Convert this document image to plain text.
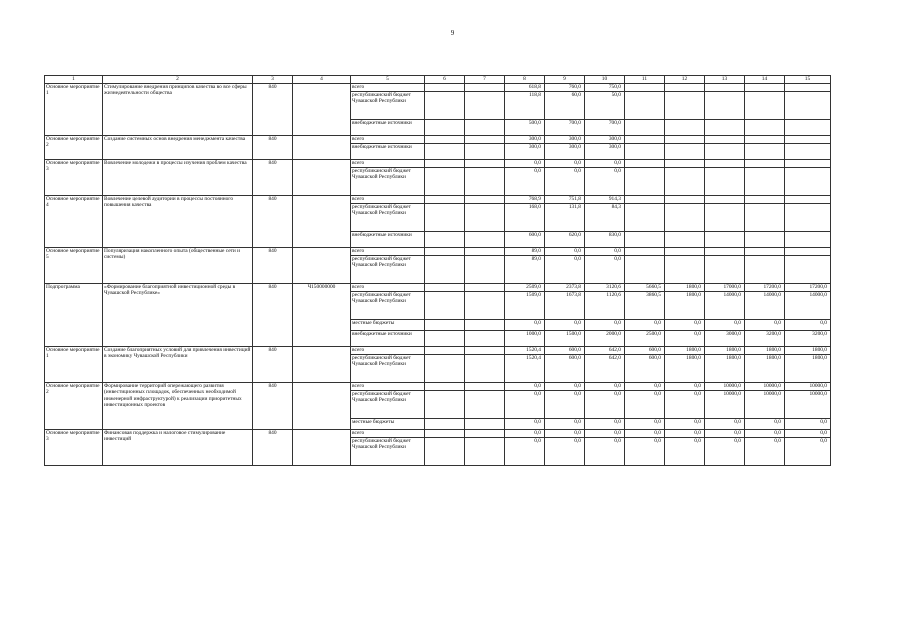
9
1	2	3	4	5	6	7	8	9	10	11	12	13	14	15
Основное мероприятие 1	Стимулирование внедрения принципов качества во все сферы жизнедеятельности общества	840		всего			618,8	760,0	750,0					
				республиканский бюджет Чувашской Республики			118,8	60,0	50,0					
				внебюджетные источники			500,0	700,0	700,0					
Основное мероприятие 2	Создание системных основ внедрения менеджмента качества	840		всего			300,0	300,0	300,0					
				внебюджетные источники			300,0	300,0	300,0					
Основное мероприятие 3	Вовлечение молодежи в процессы изучения проблем качества	840		всего			0,0	0,0	0,0					
				республиканский бюджет Чувашской Республики			0,0	0,0	0,0					
Основное мероприятие 4	Вовлечение целевой аудитории в процессы постоянного повышения качества	840		всего			768,9	751,8	914,3					
				республиканский бюджет Чувашской Республики			168,0	131,8	84,3					
				внебюджетные источники			600,0	620,0	830,0					
Основное мероприятие 5	Популяризация накопленного опыта (общественные сети и системы)	840		всего			89,0	0,0	0,0					
				республиканский бюджет Чувашской Республики			89,0	0,0	0,0					
Подпрограмма	«Формирование благоприятной инвестиционной среды в Чувашской Республике»	840	Ч150000000	всего			2509,0	2373,8	3120,6	5660,5	1800,0	17000,0	17200,0	17200,0
				республиканский бюджет Чувашской Республики			1509,0	1673,8	1120,6	3860,5	1800,0	14000,0	14000,0	14000,0
				местные бюджеты			0,0	0,0	0,0	0,0	0,0	0,0	0,0	0,0
				внебюджетные источники			1000,0	1500,0	2000,0	2500,0	0,0	3000,0	3200,0	3200,0
Основное мероприятие 1	Создание благоприятных условий для привлечения инвестиций в экономику Чувашской Республики	840		всего			1520,4	600,0	642,0	600,0	1800,0	1800,0	1800,0	1800,0
				республиканский бюджет Чувашской Республики			1520,4	600,0	642,0	600,0	1800,0	1800,0	1800,0	1800,0
Основное мероприятие 2	Формирование территорий опережающего развития (инвестиционных площадок, обеспеченных необходимой инженерной инфраструктурой) к реализации приоритетных инвестиционных проектов	840		всего			0,0	0,0	0,0	0,0	0,0	10000,0	10000,0	10000,0
				республиканский бюджет Чувашской Республики			0,0	0,0	0,0	0,0	0,0	10000,0	10000,0	10000,0
				местные бюджеты			0,0	0,0	0,0	0,0	0,0	0,0	0,0	0,0
Основное мероприятие 3	Финансовая поддержка и налоговое стимулирование инвестиций	840		всего			0,0	0,0	0,0	0,0	0,0	0,0	0,0	0,0
				республиканский бюджет Чувашской Республики			0,0	0,0	0,0	0,0	0,0	0,0	0,0	0,0
